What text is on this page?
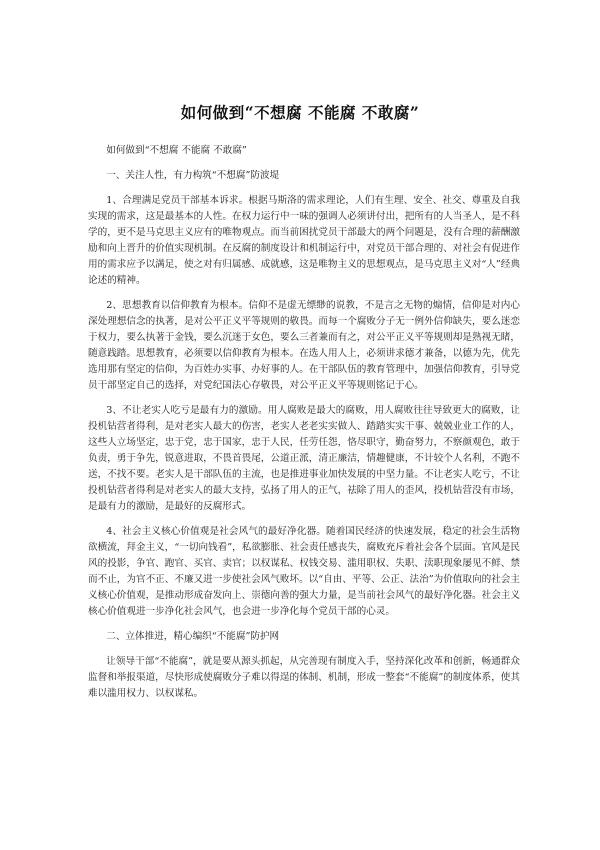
如何做到“不想腐 不能腐 不敢腐”

如何做到“不想腐 不能腐 不敢腐”

一、关注人性，有力构筑“不想腐”防波堤

1、合理满足党员干部基本诉求。根据马斯洛的需求理论，人们有生理、安全、社交、尊重及自我实现的需求，这是最基本的人性。在权力运行中一味的强调人必须讲付出，把所有的人当圣人，是不科学的，更不是马克思主义应有的唯物观点。而当前困扰党员干部最大的两个问题是，没有合理的薪酬激励和向上晋升的价值实现机制。在反腐的制度设计和机制运行中，对党员干部合理的、对社会有促进作用的需求应予以满足，使之对有归属感、成就感，这是唯物主义的思想观点，是马克思主义对“人”经典论述的精神。

2、思想教育以信仰教育为根本。信仰不是虚无缥缈的说教，不是言之无物的煽情，信仰是对内心深处理想信念的执著，是对公平正义平等规则的敬畏。而每一个腐败分子无一例外信仰缺失，要么迷恋于权力，要么执著于金钱，要么沉迷于女色，要么三者兼而有之，对公平正义平等规则却是熟视无睹，随意践踏。思想教育，必须要以信仰教育为根本。在选人用人上，必须讲求德才兼备，以德为先，优先选用那有坚定的信仰，为百姓办实事、办好事的人。在干部队伍的教育管理中，加强信仰教育，引导党员干部坚定自己的选择，对党纪国法心存敬畏，对公平正义平等规则铭记于心。

3、不让老实人吃亏是最有力的激励。用人腐败是最大的腐败，用人腐败往往导致更大的腐败，让投机钻营者得利，是对老实人最大的伤害，老实人老老实实做人、踏踏实实干事、兢兢业业工作的人，这些人立场坚定，忠于党，忠于国家，忠于人民，任劳任怨，恪尽职守，勤奋努力，不察颜观色，敢于负责，勇于争先，锐意进取，不畏首畏尾，公道正派，清正廉洁，情趣健康，不计较个人名利，不跑不送，不找不要。老实人是干部队伍的主流，也是推进事业加快发展的中坚力量。不让老实人吃亏，不让投机钻营者得利是对老实人的最大支持，弘扬了用人的正气，祛除了用人的歪风，投机钻营没有市场，是最有力的激励，是最好的反腐形式。

4、社会主义核心价值观是社会风气的最好净化器。随着国民经济的快速发展，稳定的社会生活物欲横流，拜金主义，“一切向钱看”，私欲膨胀、社会责任感丧失，腐败充斥着社会各个层面。官风是民风的投影，争官、跑官、买官、卖官；以权谋私、权钱交易、滥用职权、失职、渎职现象屡见不鲜、禁而不止，为官不正、不廉又进一步使社会风气败坏。以“自由、平等、公正、法治”为价值取向的社会主义核心价值观，是推动形成奋发向上、崇德向善的强大力量，是当前社会风气的最好净化器。社会主义核心价值观进一步净化社会风气，也会进一步净化每个党员干部的心灵。

二、立体推进，精心编织“不能腐”防护网

让领导干部“不能腐”，就是要从源头抓起，从完善现有制度入手，坚持深化改革和创新，畅通群众监督和举报渠道，尽快形成使腐败分子难以得逞的体制、机制，形成一整套“不能腐”的制度体系，使其难以滥用权力、以权谋私。
